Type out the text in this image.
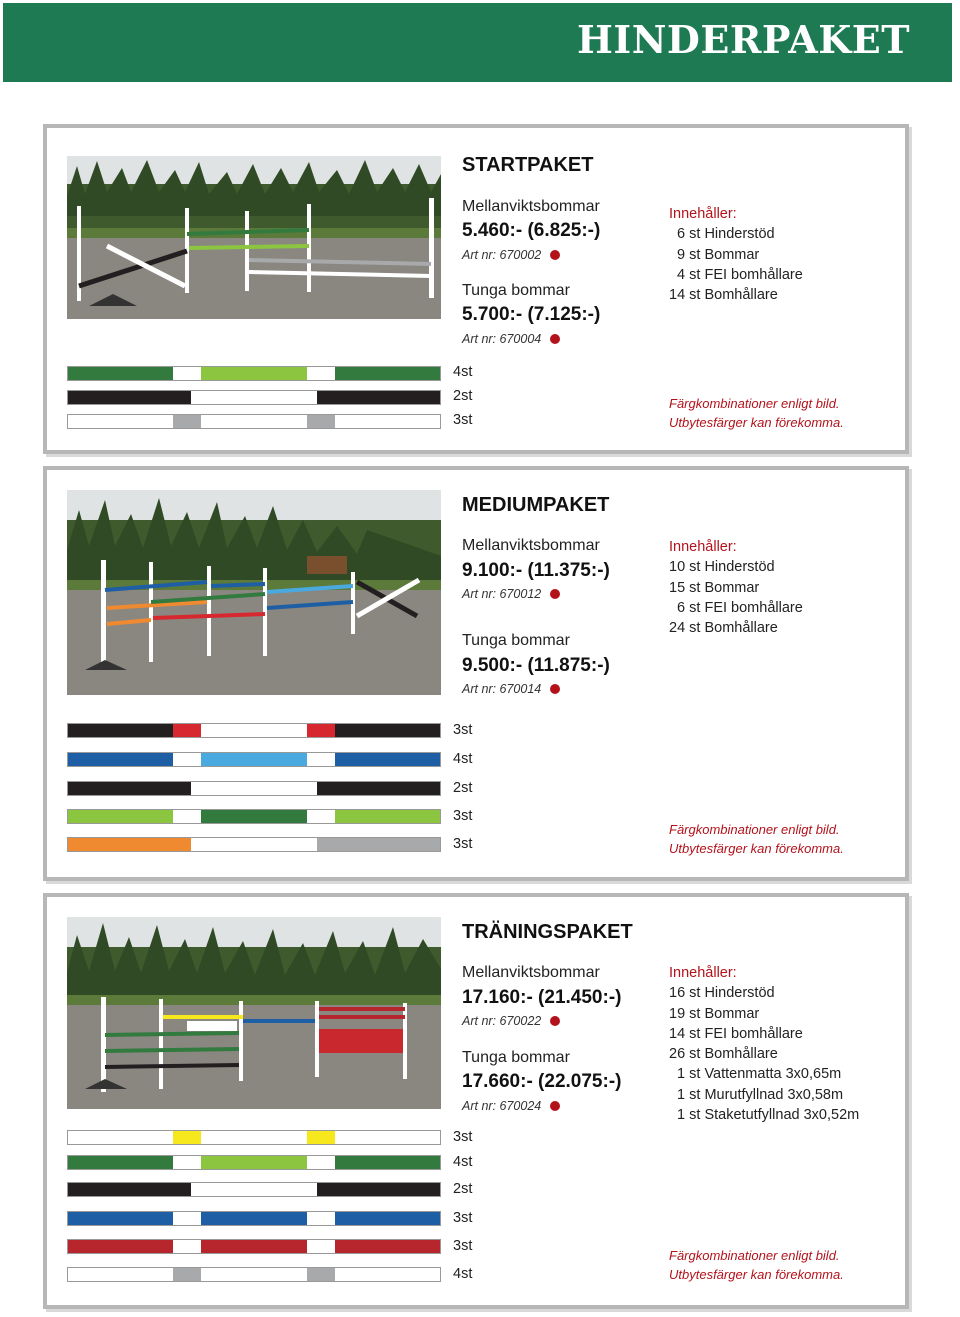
HINDERPAKET
STARTPAKET
Mellanviktsbommar
5.460:- (6.825:-)
Art nr: 670002
Tunga bommar
5.700:- (7.125:-)
Art nr: 670004
Innehåller:
6 st Hinderstöd
9 st Bommar
4 st FEI bomhållare
14 st Bomhållare
4st
2st
3st
Färgkombinationer enligt bild.
Utbytesfärger kan förekomma.
MEDIUMPAKET
Mellanviktsbommar
9.100:- (11.375:-)
Art nr: 670012
Tunga bommar
9.500:- (11.875:-)
Art nr: 670014
Innehåller:
10 st Hinderstöd
15 st Bommar
6 st FEI bomhållare
24 st Bomhållare
3st
4st
2st
3st
3st
Färgkombinationer enligt bild.
Utbytesfärger kan förekomma.
TRÄNINGSPAKET
Mellanviktsbommar
17.160:- (21.450:-)
Art nr: 670022
Tunga bommar
17.660:- (22.075:-)
Art nr: 670024
Innehåller:
16 st Hinderstöd
19 st Bommar
14 st FEI bomhållare
26 st Bomhållare
1 st Vattenmatta 3x0,65m
1 st Murutfyllnad 3x0,58m
1 st Staketutfyllnad 3x0,52m
3st
4st
2st
3st
3st
4st
Färgkombinationer enligt bild.
Utbytesfärger kan förekomma.
